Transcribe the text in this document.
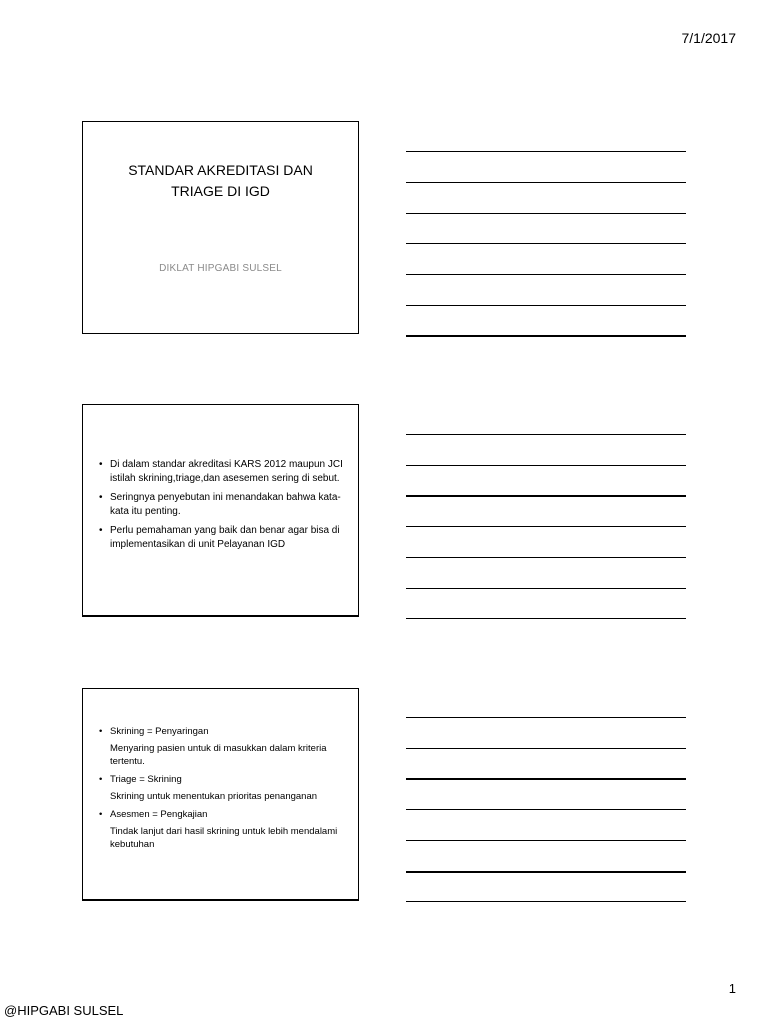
7/1/2017
STANDAR AKREDITASI DAN
TRIAGE DI IGD
DIKLAT HIPGABI SULSEL
• Di dalam standar akreditasi KARS 2012 maupun JCI istilah skrining,triage,dan asesemen sering di sebut.
• Seringnya penyebutan ini menandakan bahwa kata-kata itu penting.
• Perlu pemahaman yang baik dan benar agar bisa di implementasikan di unit Pelayanan IGD
• Skrining = Penyaringan
Menyaring pasien untuk di masukkan dalam kriteria tertentu.
• Triage = Skrining
Skrining untuk menentukan prioritas penanganan
• Asesmen = Pengkajian
Tindak lanjut dari hasil skrining untuk lebih mendalami kebutuhan
1
@HIPGABI SULSEL
